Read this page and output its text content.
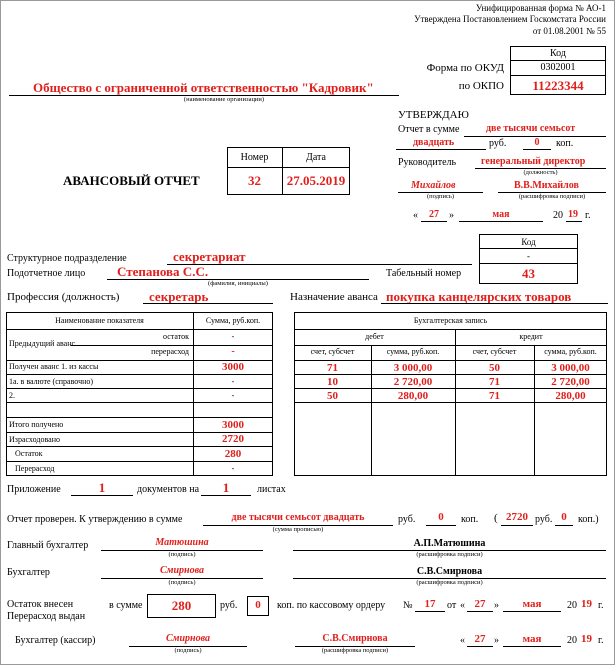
Унифицированная форма № АО-1
Утверждена Постановлением Госкомстата России
от 01.08.2001 № 55
Код
0302001
11223344
Форма по ОКУД
по ОКПО
Общество с ограниченной ответственностью "Кадровик"
(наименование организации)
УТВЕРЖДАЮ
Отчет в сумме	две тысячи семьсот
двадцать	руб.	0	коп.
Руководитель генеральный директор
(должность)
Михайлов
(подпись)
В.В.Михайлов
(расшифровка подписи)
«	27	»	мая	20 19 г.
АВАНСОВЫЙ ОТЧЕТ
Номер	Дата
32	27.05.2019
Код
-
43
Структурное подразделение	секретариат
Подотчетное лицо Степанова С.С.
(фамилия, инициалы)
Табельный номер
Профессия (должность) секретарь	Назначение аванса покупка канцелярских товаров
Наименование показателя	Сумма, руб.коп.
Предыдущий аванс
остаток	-
перерасход	-
Получен аванс 1. из кассы	3000
1а. в валюте (справочно)	-
2.	-
Итого получено	3000
Израсходовано	2720
Остаток	280
Перерасход	-
Бухгалтерская запись
дебет	кредит
счет, субсчет	сумма, руб.коп.	счет, субсчет	сумма, руб.коп.
71	3 000,00	50	3 000,00
10	2 720,00	71	2 720,00
50	280,00	71	280,00
Приложение	1	документов на	1	листах
Отчет проверен. К утверждению в сумме	две тысячи семьсот двадцать
(сумма прописью)
руб.	0	коп. ( 2720 руб. 0	коп.)
Главный бухгалтер	Матюшина
(подпись)
А.П.Матюшина
(расшифровка подписи)
Бухгалтер	Смирнова
(подпись)
С.В.Смирнова
(расшифровка подписи)
Остаток внесен
Перерасход выдан
в сумме	280	руб.	0	коп. по кассовому ордеру №	17	от « 27 »	мая	20 19 г.
Бухгалтер (кассир)	Смирнова
(подпись)
С.В.Смирнова
(расшифровка подписи)
« 27 »	мая	20 19 г.
